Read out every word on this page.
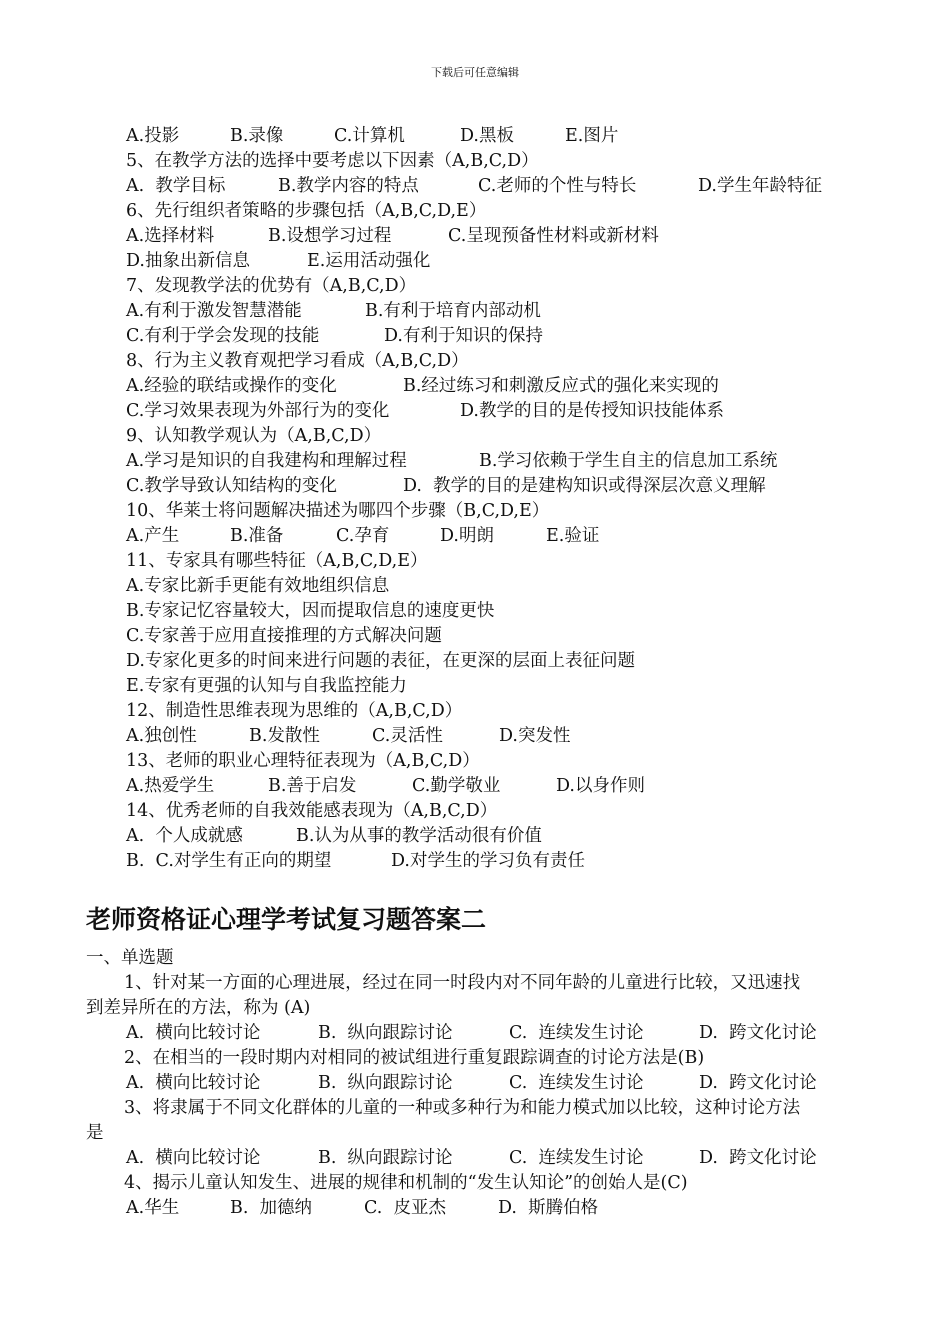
下载后可任意编辑
A.投影	B.录像	C.计算机	D.黑板	E.图片
5、在教学方法的选择中要考虑以下因素（A,B,C,D）
A.  教学目标	B.教学内容的特点	C.老师的个性与特长	D.学生年龄特征
6、先行组织者策略的步骤包括（A,B,C,D,E）
A.选择材料	B.设想学习过程	C.呈现预备性材料或新材料
D.抽象出新信息	E.运用活动强化
7、发现教学法的优势有（A,B,C,D）
A.有利于激发智慧潜能	B.有利于培育内部动机
C.有利于学会发现的技能	D.有利于知识的保持
8、行为主义教育观把学习看成（A,B,C,D）
A.经验的联结或操作的变化	B.经过练习和刺激反应式的强化来实现的
C.学习效果表现为外部行为的变化	D.教学的目的是传授知识技能体系
9、认知教学观认为（A,B,C,D）
A.学习是知识的自我建构和理解过程	B.学习依赖于学生自主的信息加工系统
C.教学导致认知结构的变化	D.  教学的目的是建构知识或得深层次意义理解
10、华莱士将问题解决描述为哪四个步骤（B,C,D,E）
A.产生	B.准备	C.孕育	D.明朗	E.验证
11、专家具有哪些特征（A,B,C,D,E）
A.专家比新手更能有效地组织信息
B.专家记忆容量较大，因而提取信息的速度更快
C.专家善于应用直接推理的方式解决问题
D.专家化更多的时间来进行问题的表征，在更深的层面上表征问题
E.专家有更强的认知与自我监控能力
12、制造性思维表现为思维的（A,B,C,D）
A.独创性	B.发散性	C.灵活性	D.突发性
13、老师的职业心理特征表现为（A,B,C,D）
A.热爱学生	B.善于启发	C.勤学敬业	D.以身作则
14、优秀老师的自我效能感表现为（A,B,C,D）
A.  个人成就感	B.认为从事的教学活动很有价值
B.  C.对学生有正向的期望	D.对学生的学习负有责任
老师资格证心理学考试复习题答案二
一、单选题
1、针对某一方面的心理进展，经过在同一时段内对不同年龄的儿童进行比较，又迅速找
到差异所在的方法，称为 (A)
A.  横向比较讨论	B.  纵向跟踪讨论	C.  连续发生讨论	D.  跨文化讨论
2、在相当的一段时期内对相同的被试组进行重复跟踪调查的讨论方法是(B)
A.  横向比较讨论	B.  纵向跟踪讨论	C.  连续发生讨论	D.  跨文化讨论
3、将隶属于不同文化群体的儿童的一种或多种行为和能力模式加以比较，这种讨论方法
是
A.  横向比较讨论	B.  纵向跟踪讨论	C.  连续发生讨论	D.  跨文化讨论
4、揭示儿童认知发生、进展的规律和机制的“发生认知论”的创始人是(C)
A.华生	B.  加德纳	C.  皮亚杰	D.  斯腾伯格
